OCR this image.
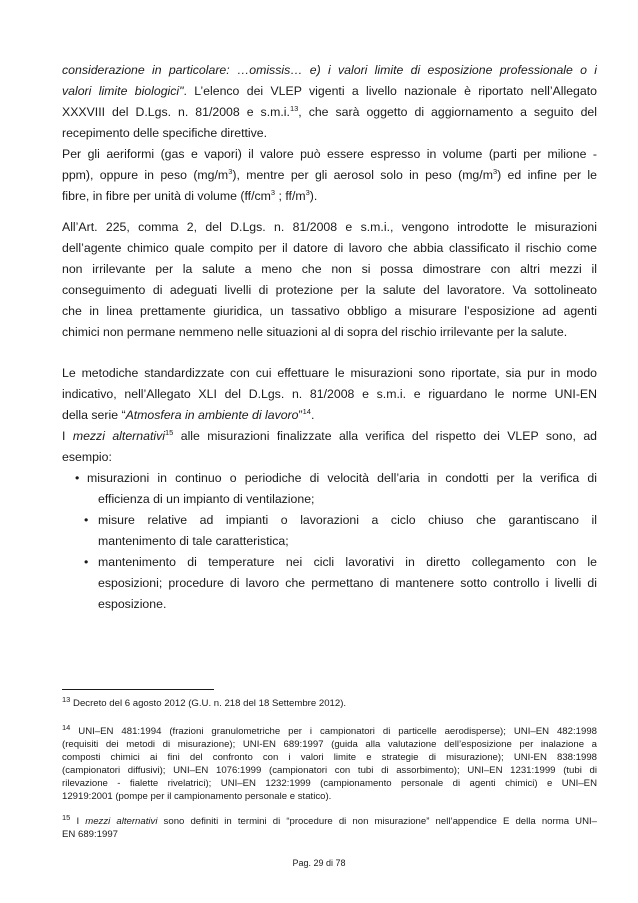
considerazione in particolare: …omissis… e) i valori limite di esposizione professionale o i
valori limite biologici". L’elenco dei VLEP vigenti a livello nazionale è riportato nell’Allegato
XXXVIII del D.Lgs. n. 81/2008 e s.m.i.$^{13}$, che sarà oggetto di aggiornamento a seguito del
recepimento delle specifiche direttive.
Per gli aeriformi (gas e vapori) il valore può essere espresso in volume (parti per milione -
ppm), oppure in peso $(mg/m^3)$, mentre per gli aerosol solo in peso $(mg/m^3)$ ed infine per le
fibre, in fibre per unità di volume ($ff/cm^3$ ; $ff/m^3$).
All’Art. 225, comma 2, del D.Lgs. n. 81/2008 e s.m.i., vengono introdotte le misurazioni
dell’agente chimico quale compito per il datore di lavoro che abbia classificato il rischio come
non irrilevante per la salute a meno che non si possa dimostrare con altri mezzi il
conseguimento di adeguati livelli di protezione per la salute del lavoratore. Va sottolineato
che in linea prettamente giuridica, un tassativo obbligo a misurare l’esposizione ad agenti
chimici non permane nemmeno nelle situazioni al di sopra del rischio irrilevante per la salute.
Le metodiche standardizzate con cui effettuare le misurazioni sono riportate, sia pur in modo
indicativo, nell’Allegato XLI del D.Lgs. n. 81/2008 e s.m.i. e riguardano le norme UNI-EN
della serie “Atmosfera in ambiente di lavoro”$^{14}$.
I mezzi alternativi$^{15}$ alle misurazioni finalizzate alla verifica del rispetto dei VLEP sono, ad
esempio:
• misurazioni in continuo o periodiche di velocità dell’aria in condotti per la verifica di
efficienza di un impianto di ventilazione;
• misure relative ad impianti o lavorazioni a ciclo chiuso che garantiscano il
mantenimento di tale caratteristica;
• mantenimento di temperature nei cicli lavorativi in diretto collegamento con le
esposizioni; procedure di lavoro che permettano di mantenere sotto controllo i livelli di
esposizione.
$^{13}$ Decreto del 6 agosto 2012 (G.U. n. 218 del 18 Settembre 2012).
$^{14}$ UNI–EN 481:1994 (frazioni granulometriche per i campionatori di particelle aerodisperse); UNI–EN 482:1998
(requisiti dei metodi di misurazione); UNI-EN 689:1997 (guida alla valutazione dell’esposizione per inalazione a
composti chimici ai fini del confronto con i valori limite e strategie di misurazione); UNI-EN 838:1998
(campionatori diffusivi); UNI–EN 1076:1999 (campionatori con tubi di assorbimento); UNI–EN 1231:1999 (tubi di
rilevazione - fialette rivelatrici); UNI–EN 1232:1999 (campionamento personale di agenti chimici) e UNI–EN
12919:2001 (pompe per il campionamento personale e statico).
$^{15}$ I mezzi alternativi sono definiti in termini di “procedure di non misurazione” nell’appendice E della norma UNI–
EN 689:1997
Pag. 29 di 78
